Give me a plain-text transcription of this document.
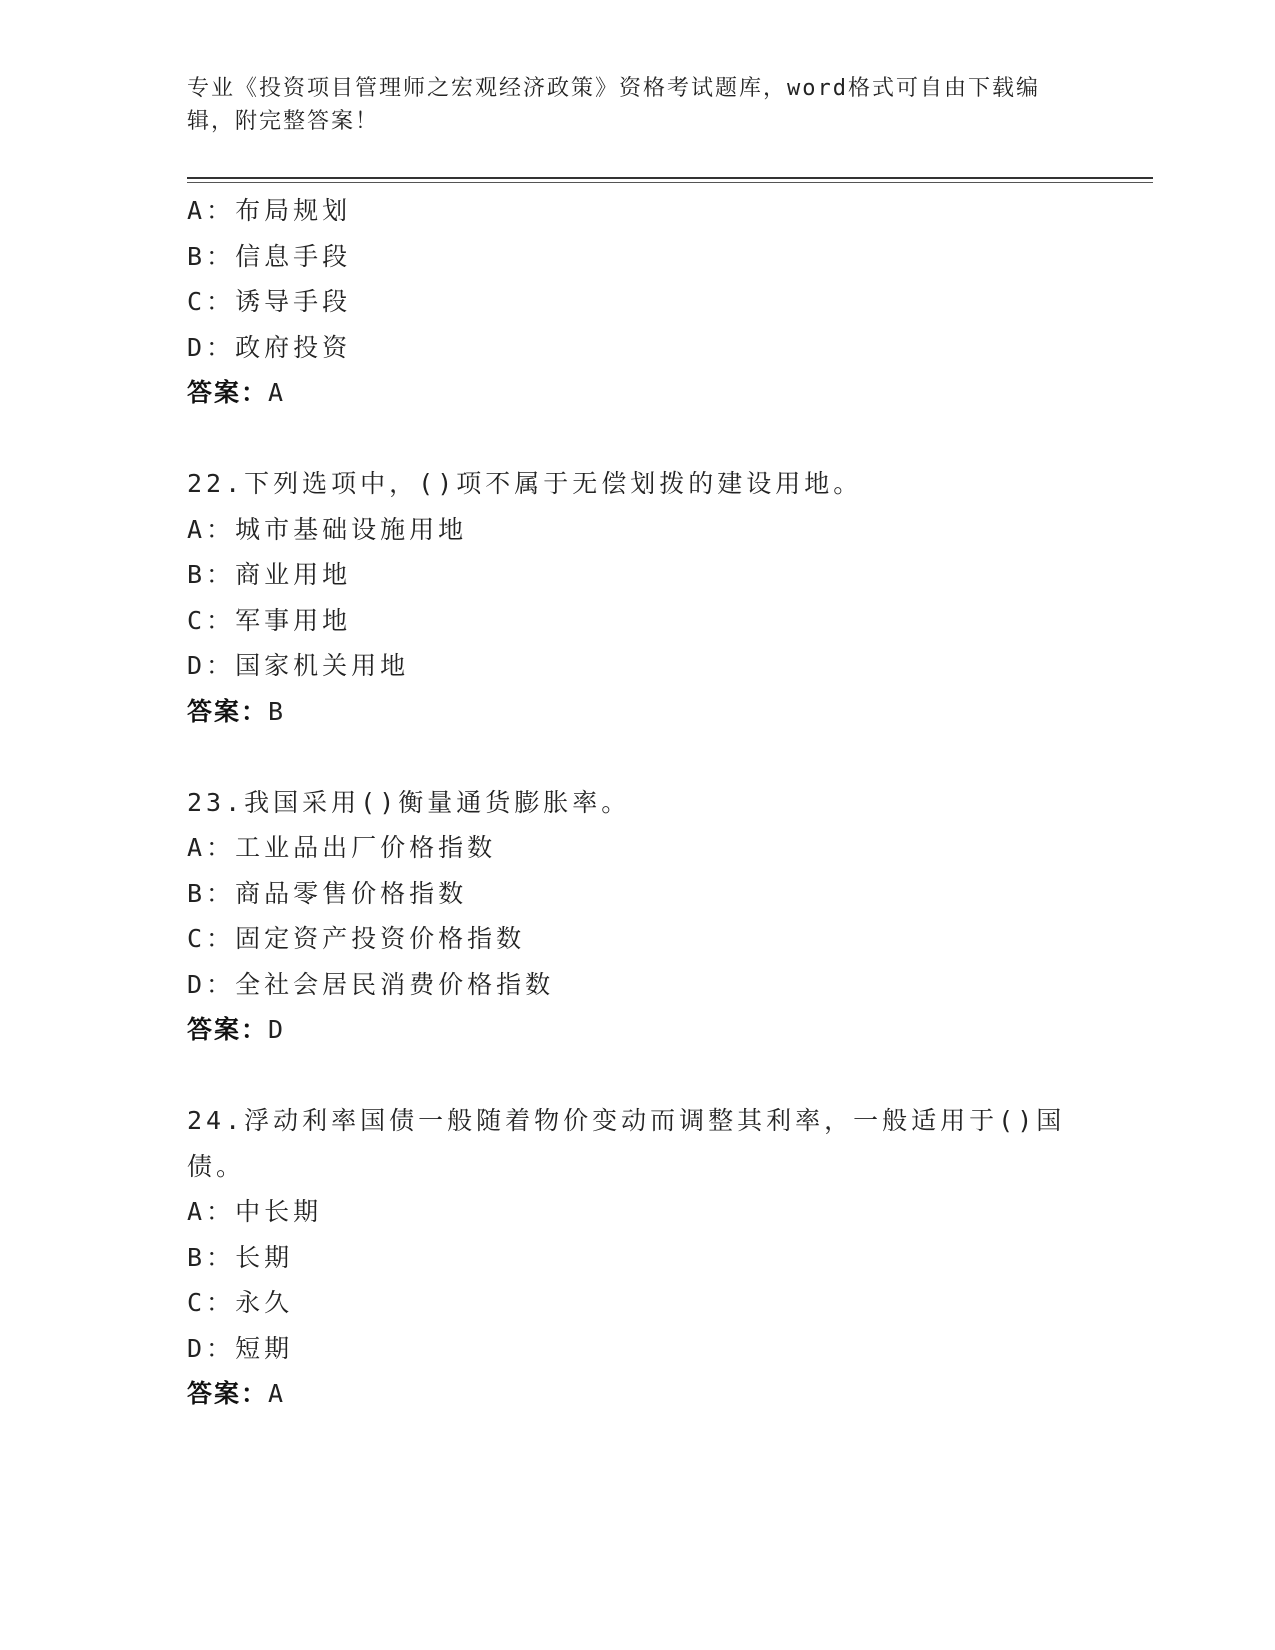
专业《投资项目管理师之宏观经济政策》资格考试题库，word格式可自由下载编辑，附完整答案！
A：布局规划
B：信息手段
C：诱导手段
D：政府投资
答案：A
22.下列选项中，()项不属于无偿划拨的建设用地。
A：城市基础设施用地
B：商业用地
C：军事用地
D：国家机关用地
答案：B
23.我国采用()衡量通货膨胀率。
A：工业品出厂价格指数
B：商品零售价格指数
C：固定资产投资价格指数
D：全社会居民消费价格指数
答案：D
24.浮动利率国债一般随着物价变动而调整其利率，一般适用于()国债。
A：中长期
B：长期
C：永久
D：短期
答案：A
